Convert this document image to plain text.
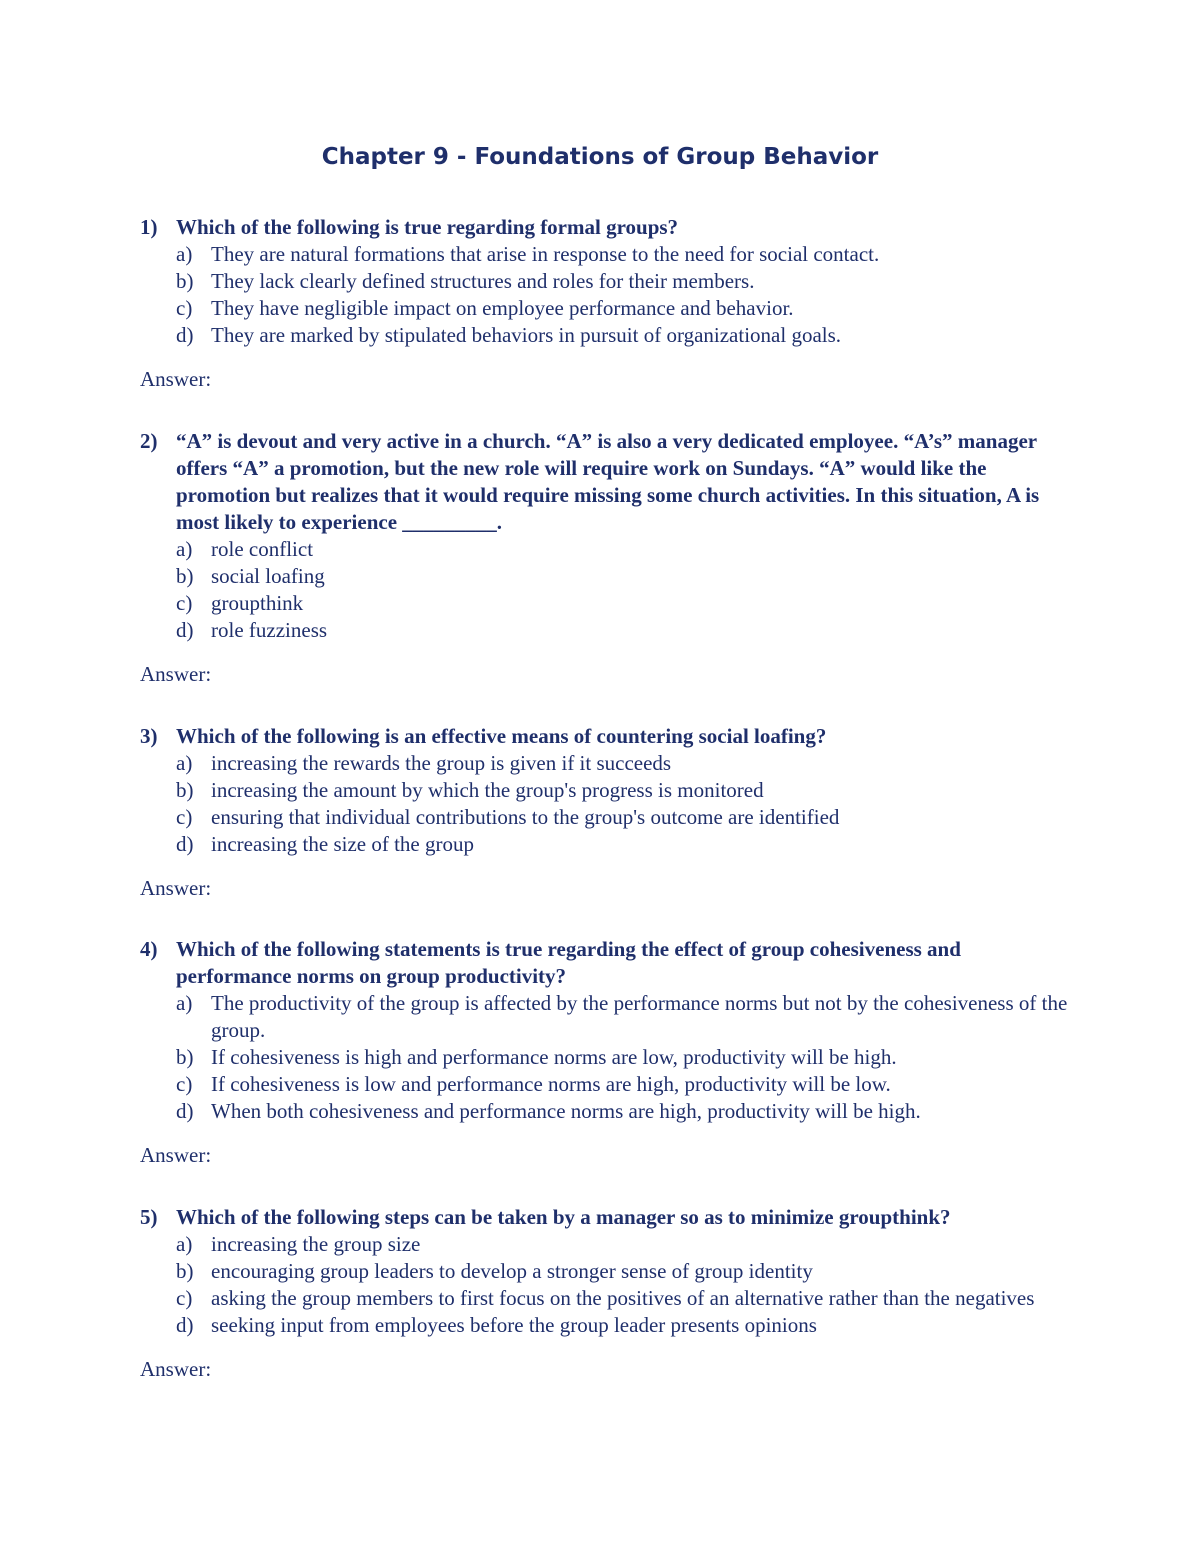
Chapter 9 - Foundations of Group Behavior
1) Which of the following is true regarding formal groups?
a) They are natural formations that arise in response to the need for social contact.
b) They lack clearly defined structures and roles for their members.
c) They have negligible impact on employee performance and behavior.
d) They are marked by stipulated behaviors in pursuit of organizational goals.
Answer:
2) “A” is devout and very active in a church. “A” is also a very dedicated employee. “A’s” manager offers “A” a promotion, but the new role will require work on Sundays. “A” would like the promotion but realizes that it would require missing some church activities. In this situation, A is most likely to experience _________.
a) role conflict
b) social loafing
c) groupthink
d) role fuzziness
Answer:
3) Which of the following is an effective means of countering social loafing?
a) increasing the rewards the group is given if it succeeds
b) increasing the amount by which the group's progress is monitored
c) ensuring that individual contributions to the group's outcome are identified
d) increasing the size of the group
Answer:
4) Which of the following statements is true regarding the effect of group cohesiveness and performance norms on group productivity?
a) The productivity of the group is affected by the performance norms but not by the cohesiveness of the group.
b) If cohesiveness is high and performance norms are low, productivity will be high.
c) If cohesiveness is low and performance norms are high, productivity will be low.
d) When both cohesiveness and performance norms are high, productivity will be high.
Answer:
5) Which of the following steps can be taken by a manager so as to minimize groupthink?
a) increasing the group size
b) encouraging group leaders to develop a stronger sense of group identity
c) asking the group members to first focus on the positives of an alternative rather than the negatives
d) seeking input from employees before the group leader presents opinions
Answer:
